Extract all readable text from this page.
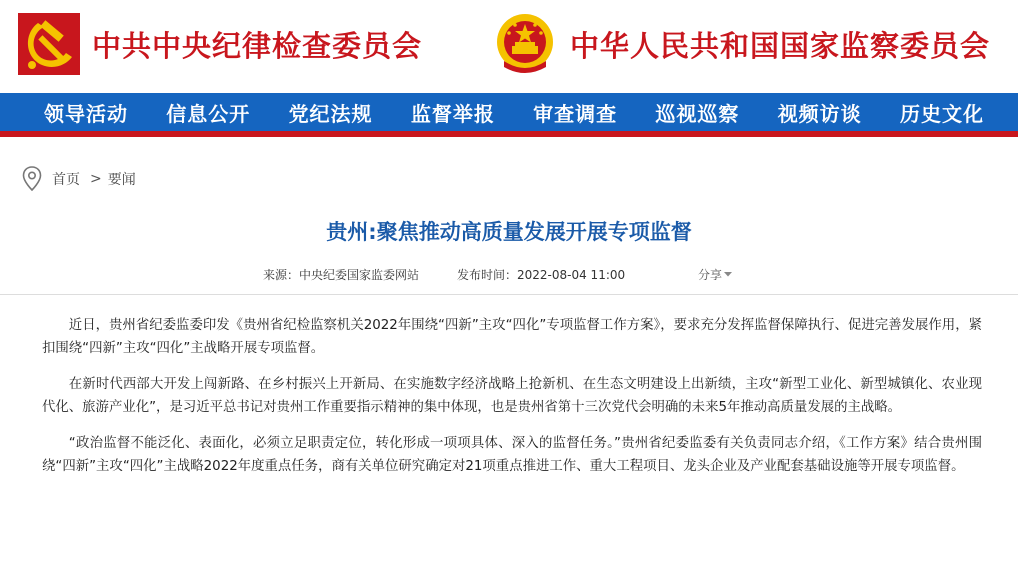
中共中央纪律检查委员会	中华人民共和国国家监察委员会
领导活动 信息公开 党纪法规 监督举报 审查调查 巡视巡察 视频访谈 历史文化
首页 > 要闻
贵州:聚焦推动高质量发展开展专项监督
来源：中央纪委国家监委网站	发布时间：2022-08-04 11:00	分享

近日，贵州省纪委监委印发《贵州省纪检监察机关2022年围绕“四新”主攻“四化”专项监督工作方案》，要求充分发挥监督保障执行、促进完善发展作用，紧扣围绕“四新”主攻“四化”主战略开展专项监督。

在新时代西部大开发上闯新路、在乡村振兴上开新局、在实施数字经济战略上抢新机、在生态文明建设上出新绩，主攻“新型工业化、新型城镇化、农业现代化、旅游产业化”，是习近平总书记对贵州工作重要指示精神的集中体现，也是贵州省第十三次党代会明确的未来5年推动高质量发展的主战略。

“政治监督不能泛化、表面化，必须立足职责定位，转化形成一项项具体、深入的监督任务。”贵州省纪委监委有关负责同志介绍，《工作方案》结合贵州围绕“四新”主攻“四化”主战略2022年度重点任务，商有关单位研究确定对21项重点推进工作、重大工程项目、龙头企业及产业配套基础设施等开展专项监督。
